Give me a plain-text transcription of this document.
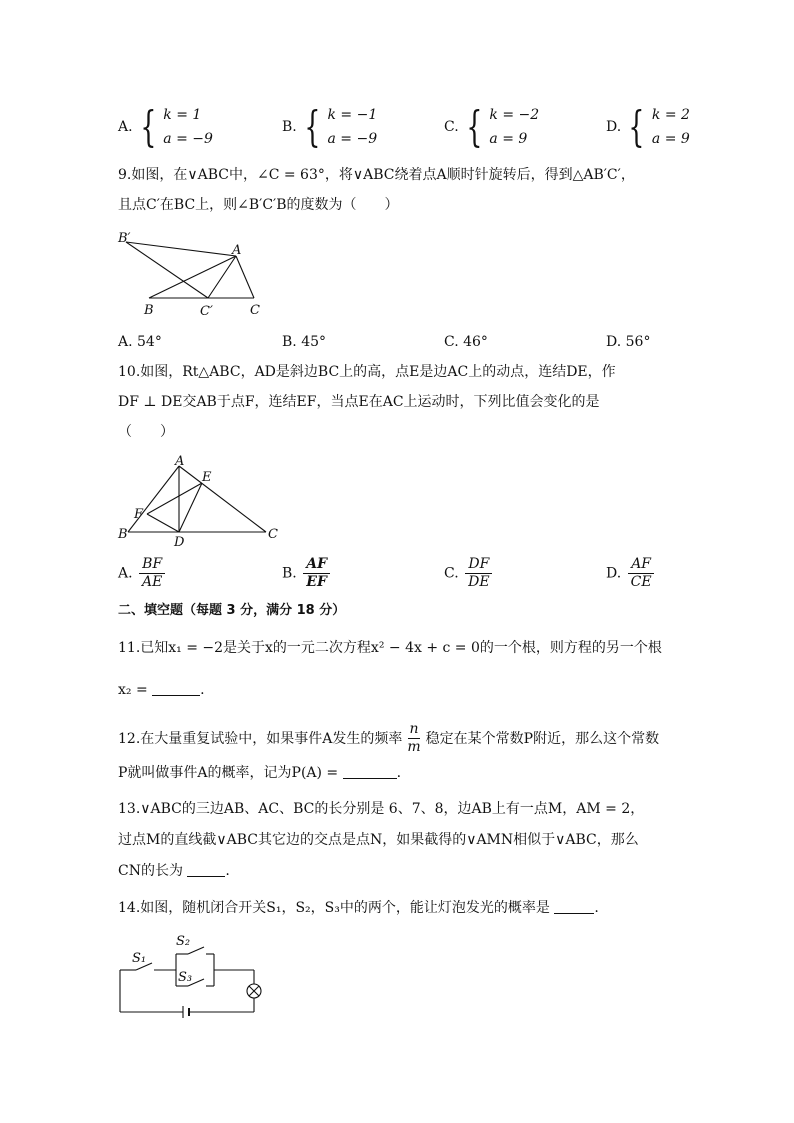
A. { k = 1
a = −9
B. { k = −1
a = −9
C. { k = −2
a = 9
D. { k = 2
a = 9
9.如图，在∨ABC中，∠C = 63°，将∨ABC绕着点A顺时针旋转后，得到△AB′C′，
且点C′在BC上，则∠B′C′B的度数为（　　）
B′
A
B	C′	C
A. 54°	B. 45°	C. 46°	D. 56°
10.如图，Rt△ABC，AD是斜边BC上的高，点E是边AC上的动点，连结DE，作
DF ⊥ DE交AB于点F，连结EF，当点E在AC上运动时，下列比值会变化的是
（　　）
A
E
F
B
D
C
A. $\frac{BF}{AE}$	B. $\frac{AF}{EF}$	C. $\frac{DF}{DE}$	D. $\frac{AF}{CE}$
二、填空题（每题 3 分，满分 18 分）
11.已知x₁ = −2是关于x的一元二次方程x² − 4x + c = 0的一个根，则方程的另一个根
x₂ =	.
12.在大量重复试验中，如果事件A发生的频率 $\frac{n}{m}$ 稳定在某个常数P附近，那么这个常数
P就叫做事件A的概率，记为P(A) =	.
13.∨ABC的三边AB、AC、BC的长分别是 6、7、8，边AB上有一点M，AM = 2，
过点M的直线截∨ABC其它边的交点是点N，如果截得的∨AMN相似于∨ABC，那么
CN的长为	.
14.如图，随机闭合开关S₁，S₂，S₃中的两个，能让灯泡发光的概率是	.
S₁
S₂
S₃
